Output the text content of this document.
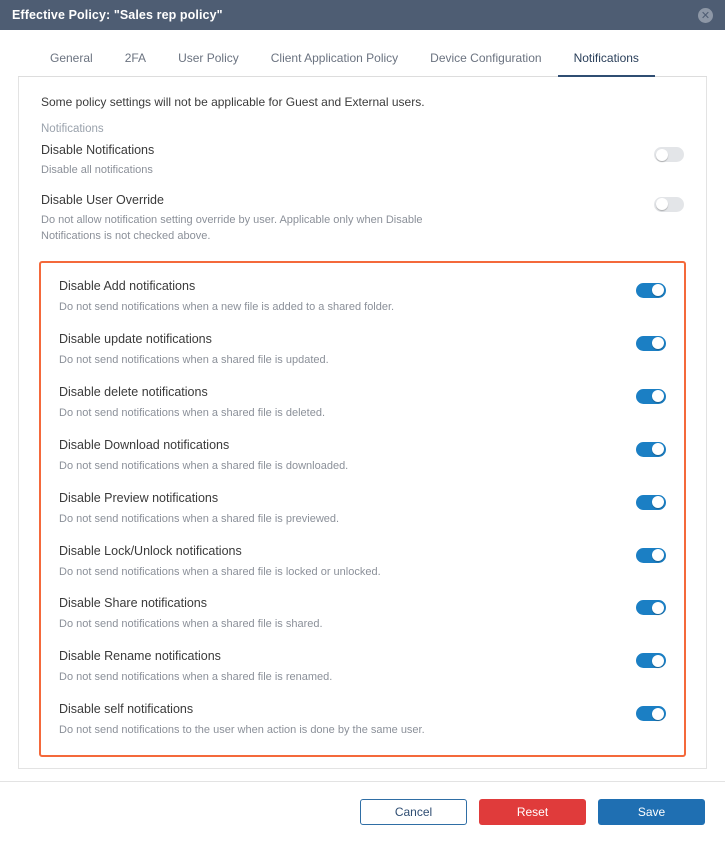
Effective Policy: "Sales rep policy"	✕
General	2FA	User Policy	Client Application Policy	Device Configuration	Notifications
Some policy settings will not be applicable for Guest and External users.
Notifications
Disable Notifications
Disable all notifications
Disable User Override
Do not allow notification setting override by user. Applicable only when Disable Notifications is not checked above.
Disable Add notifications
Do not send notifications when a new file is added to a shared folder.
Disable update notifications
Do not send notifications when a shared file is updated.
Disable delete notifications
Do not send notifications when a shared file is deleted.
Disable Download notifications
Do not send notifications when a shared file is downloaded.
Disable Preview notifications
Do not send notifications when a shared file is previewed.
Disable Lock/Unlock notifications
Do not send notifications when a shared file is locked or unlocked.
Disable Share notifications
Do not send notifications when a shared file is shared.
Disable Rename notifications
Do not send notifications when a shared file is renamed.
Disable self notifications
Do not send notifications to the user when action is done by the same user.
Cancel	Reset	Save
